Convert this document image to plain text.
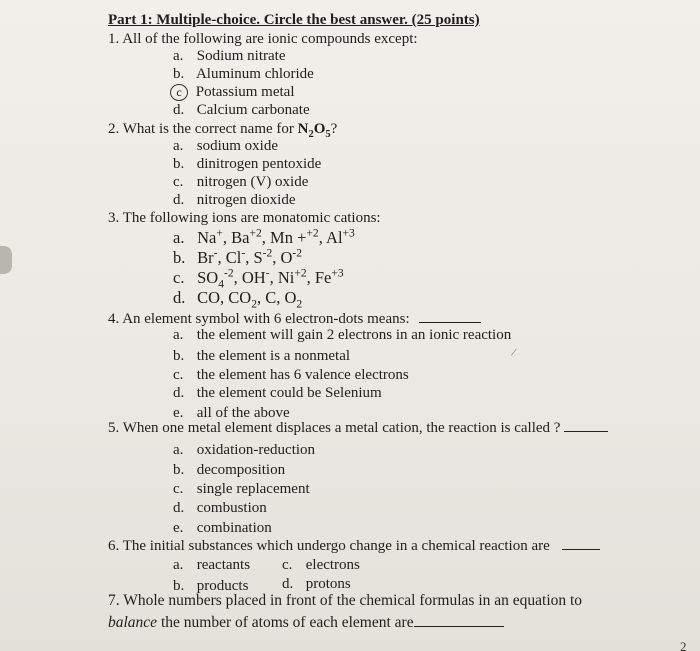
Part 1: Multiple-choice. Circle the best answer. (25 points)
1. All of the following are ionic compounds except:
a. Sodium nitrate
b. Aluminum chloride
c Potassium metal
d. Calcium carbonate
2. What is the correct name for $N_2O_5$?
a. sodium oxide
b. dinitrogen pentoxide
c. nitrogen (V) oxide
d. nitrogen dioxide
3. The following ions are monatomic cations:
a. Na+, $Ba^{+2}$, Mn +$^{+2}$, $Al^{+3}$
b. Br-, Cl-, $S^{-2}$, $O^{-2}$
c. $SO_4^{-2}$, OH-, $Ni^{+2}$, $Fe^{+3}$
d. CO, $CO_2$, C, $O_2$
4. An element symbol with 6 electron-dots means:
a. the element will gain 2 electrons in an ionic reaction
b. the element is a nonmetal
c. the element has 6 valence electrons
d. the element could be Selenium
e. all of the above
/
5. When one metal element displaces a metal cation, the reaction is called ?
a. oxidation-reduction
b. decomposition
c. single replacement
d. combustion
e. combination
6. The initial substances which undergo change in a chemical reaction are
a. reactants c. electrons
b. products d. protons
7. Whole numbers placed in front of the chemical formulas in an equation to
balance the number of atoms of each element are
2
